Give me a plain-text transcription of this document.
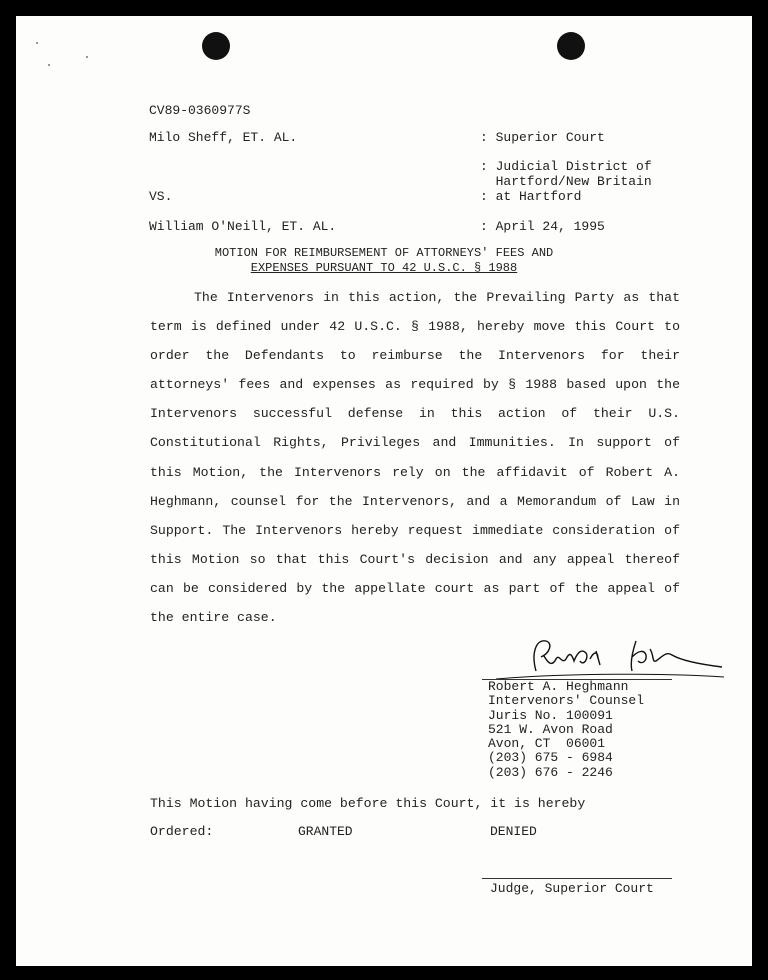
CV89-0360977S
Milo Sheff, ET. AL.
VS.
William O'Neill, ET. AL.
: Superior Court
: Judicial District of
Hartford/New Britain
: at Hartford
: April 24, 1995
MOTION FOR REIMBURSEMENT OF ATTORNEYS' FEES AND
EXPENSES PURSUANT TO 42 U.S.C. § 1988

The Intervenors in this action, the Prevailing Party as that term is defined under 42 U.S.C. § 1988, hereby move this Court to order the Defendants to reimburse the Intervenors for their attorneys' fees and expenses as required by § 1988 based upon the Intervenors successful defense in this action of their U.S. Constitutional Rights, Privileges and Immunities. In support of this Motion, the Intervenors rely on the affidavit of Robert A. Heghmann, counsel for the Intervenors, and a Memorandum of Law in Support. The Intervenors hereby request immediate consideration of this Motion so that this Court's decision and any appeal thereof can be considered by the appellate court as part of the appeal of the entire case.

Robert A. Heghmann
Intervenors' Counsel
Juris No. 100091
521 W. Avon Road
Avon, CT  06001
(203) 675 - 6984
(203) 676 - 2246
This Motion having come before this Court, it is hereby
Ordered:	GRANTED	DENIED
Judge, Superior Court
